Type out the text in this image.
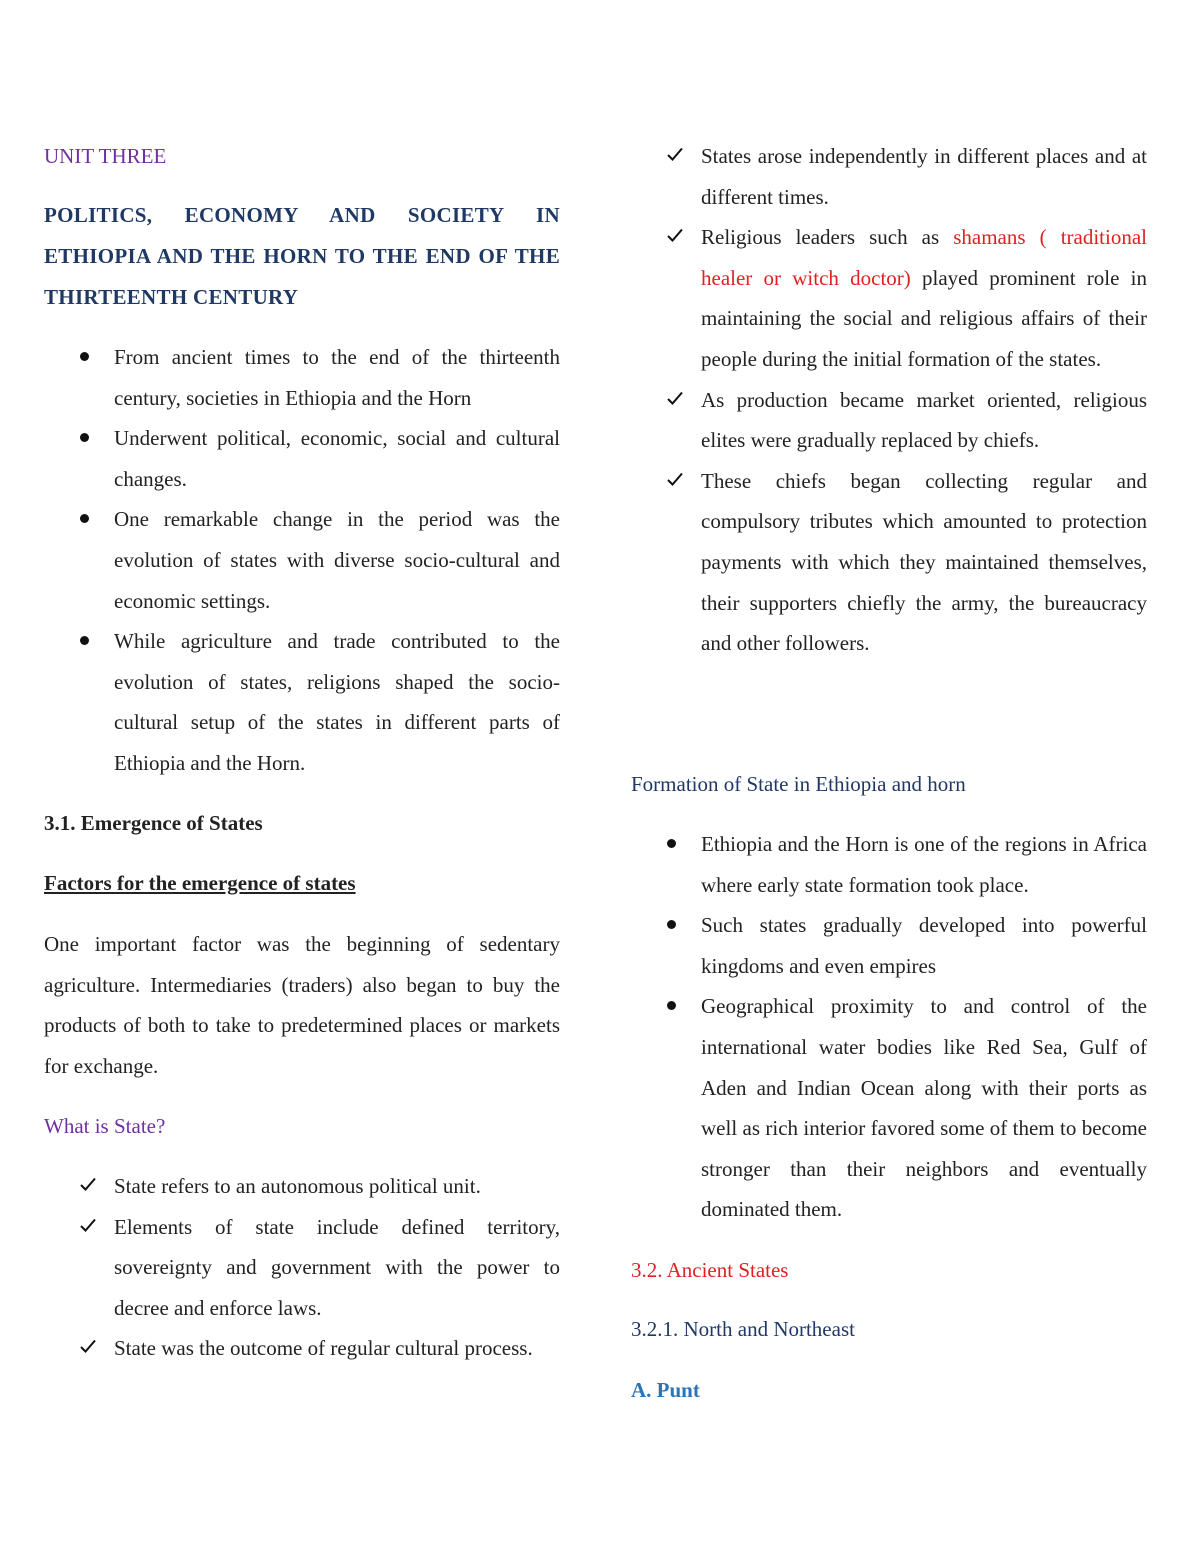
UNIT THREE

POLITICS, ECONOMY AND SOCIETY IN ETHIOPIA AND THE HORN TO THE END OF THE THIRTEENTH CENTURY

From ancient times to the end of the thirteenth century, societies in Ethiopia and the Horn
Underwent political, economic, social and cultural changes.
One remarkable change in the period was the evolution of states with diverse socio-cultural and economic settings.
While agriculture and trade contributed to the evolution of states, religions shaped the socio-cultural setup of the states in different parts of Ethiopia and the Horn.

3.1. Emergence of States

Factors for the emergence of states

One important factor was the beginning of sedentary agriculture. Intermediaries (traders) also began to buy the products of both to take to predetermined places or markets for exchange.

What is State?

State refers to an autonomous political unit.
Elements of state include defined territory, sovereignty and government with the power to decree and enforce laws.
State was the outcome of regular cultural process.
States arose independently in different places and at different times.
Religious leaders such as shamans ( traditional healer or witch doctor) played prominent role in maintaining the social and religious affairs of their people during the initial formation of the states.
As production became market oriented, religious elites were gradually replaced by chiefs.
These chiefs began collecting regular and compulsory tributes which amounted to protection payments with which they maintained themselves, their supporters chiefly the army, the bureaucracy and other followers.

Formation of State in Ethiopia and horn

Ethiopia and the Horn is one of the regions in Africa where early state formation took place.
Such states gradually developed into powerful kingdoms and even empires
Geographical proximity to and control of the international water bodies like Red Sea, Gulf of Aden and Indian Ocean along with their ports as well as rich interior favored some of them to become stronger than their neighbors and eventually dominated them.

3.2. Ancient States

3.2.1. North and Northeast

A. Punt
